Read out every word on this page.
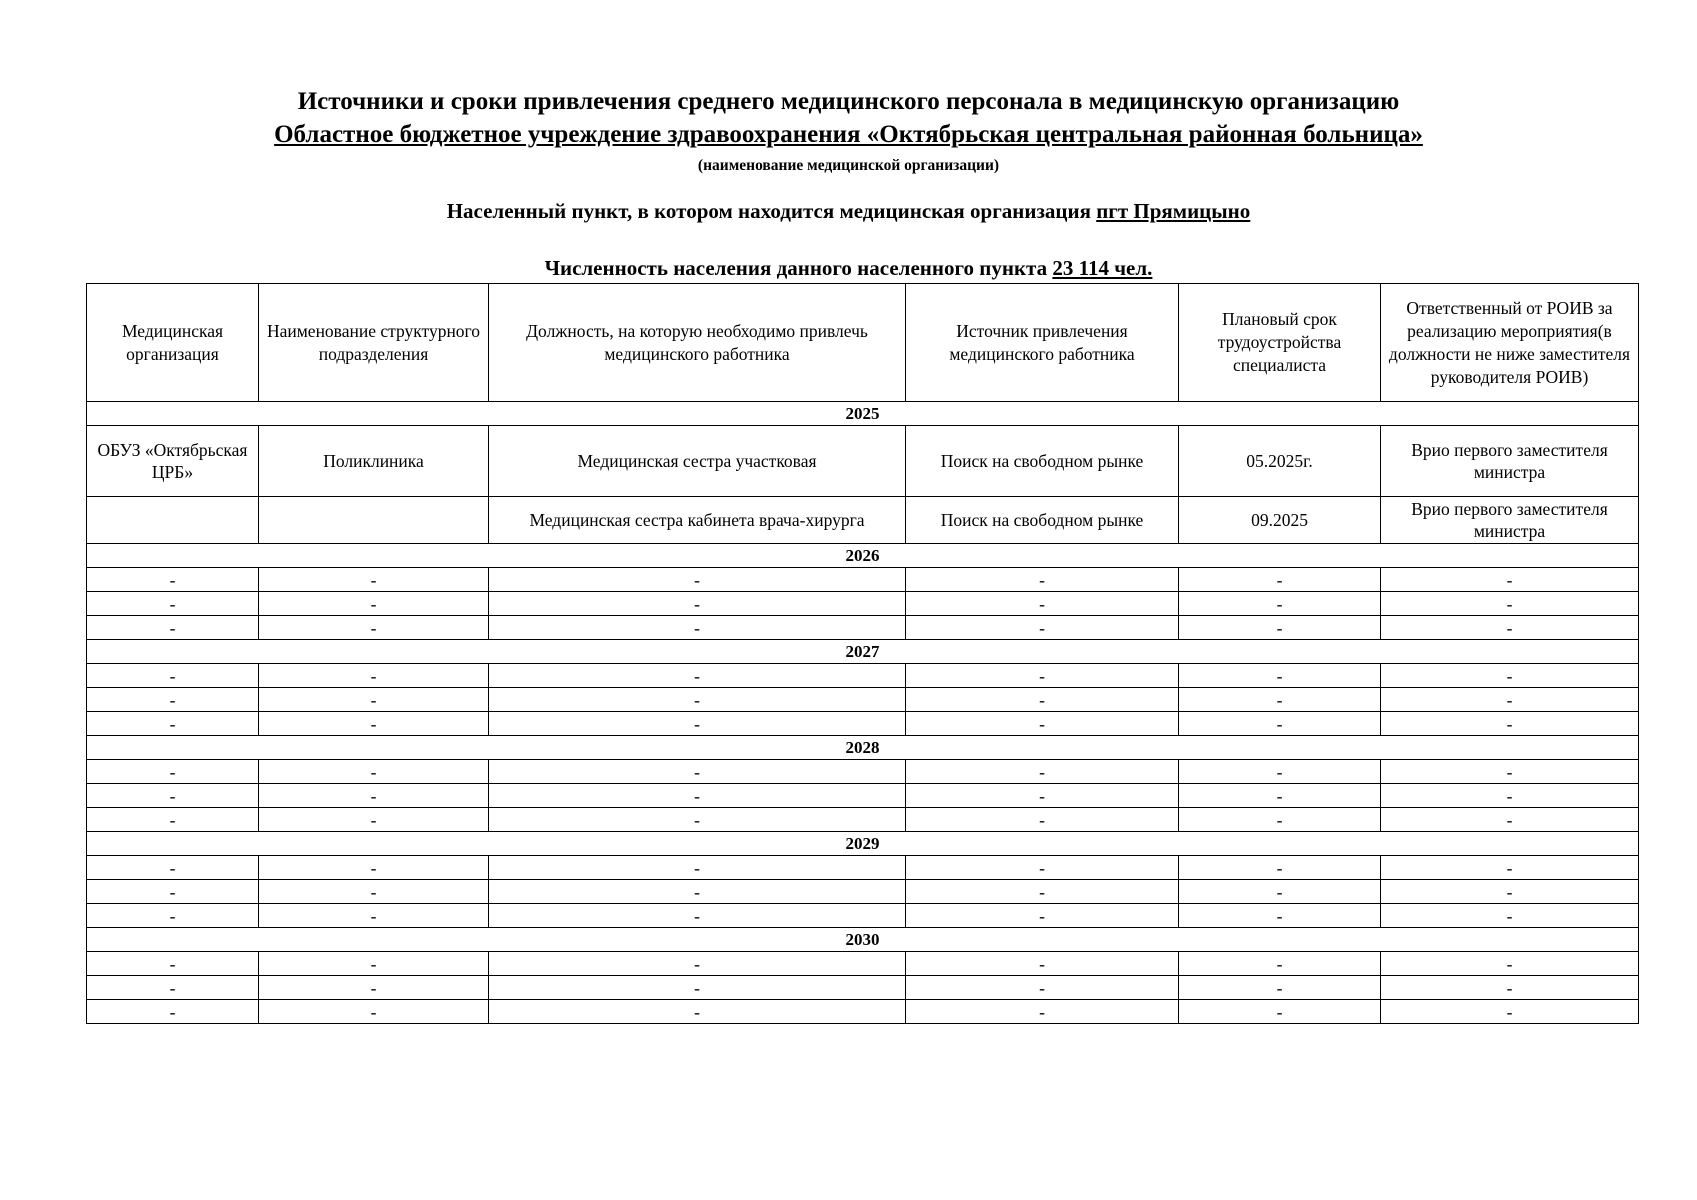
Источники и сроки привлечения среднего медицинского персонала в медицинскую организацию
Областное бюджетное учреждение здравоохранения «Октябрьская центральная районная больница»
(наименование медицинской организации)
Населенный пункт, в котором находится медицинская организация пгт Прямицыно
Численность населения данного населенного пункта 23 114 чел.
Медицинская организация	Наименование структурного подразделения	Должность, на которую необходимо привлечь медицинского работника	Источник привлечения медицинского работника	Плановый срок трудоустройства специалиста	Ответственный от РОИВ за реализацию мероприятия(в должности не ниже заместителя руководителя РОИВ)
2025					
ОБУЗ «Октябрьская ЦРБ»	Поликлиника	Медицинская сестра участковая	Поиск на свободном рынке	05.2025г.	Врио первого заместителя министра
		Медицинская сестра кабинета врача-хирурга	Поиск на свободном рынке	09.2025	Врио первого заместителя министра
2026					
-	-	-	-	-	-
-	-	-	-	-	-
-	-	-	-	-	-
2027					
-	-	-	-	-	-
-	-	-	-	-	-
-	-	-	-	-	-
2028					
-	-	-	-	-	-
-	-	-	-	-	-
-	-	-	-	-	-
2029					
-	-	-	-	-	-
-	-	-	-	-	-
-	-	-	-	-	-
2030					
-	-	-	-	-	-
-	-	-	-	-	-
-	-	-	-	-	-
